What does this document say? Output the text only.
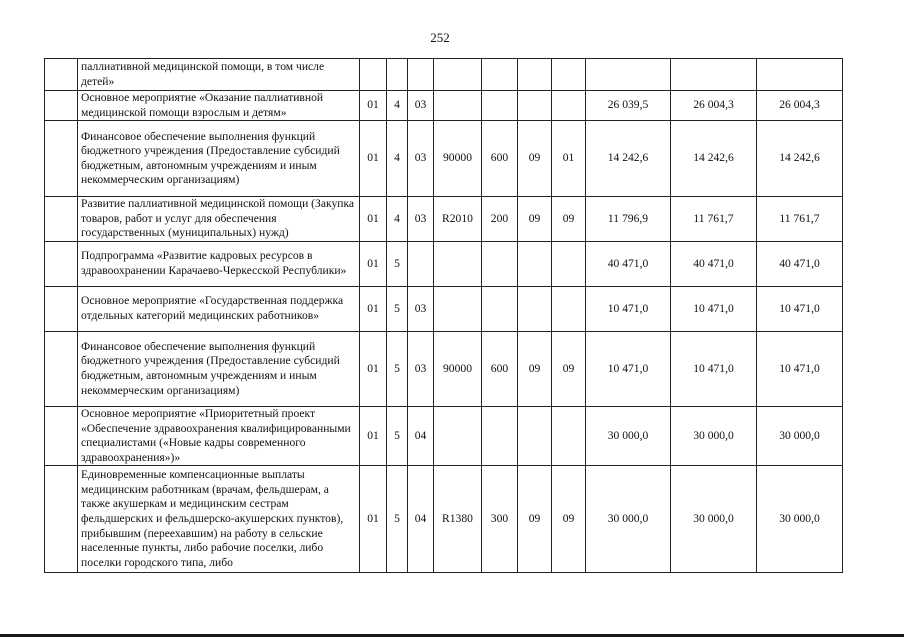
252
	паллиативной медицинской помощи, в том числе детей»										
	Основное мероприятие «Оказание паллиативной медицинской помощи взрослым и детям»	01	4	03					26 039,5	26 004,3	26 004,3
	Финансовое обеспечение выполнения функций бюджетного учреждения (Предоставление субсидий бюджетным, автономным учреждениям и иным некоммерческим организациям)	01	4	03	90000	600	09	01	14 242,6	14 242,6	14 242,6
	Развитие паллиативной медицинской помощи (Закупка товаров, работ и услуг для обеспечения государственных (муниципальных) нужд)	01	4	03	R2010	200	09	09	11 796,9	11 761,7	11 761,7
	Подпрограмма «Развитие кадровых ресурсов в здравоохранении Карачаево-Черкесской Республики»	01	5						40 471,0	40 471,0	40 471,0
	Основное мероприятие «Государственная поддержка отдельных категорий медицинских работников»	01	5	03					10 471,0	10 471,0	10 471,0
	Финансовое обеспечение выполнения функций бюджетного учреждения (Предоставление субсидий бюджетным, автономным учреждениям и иным некоммерческим организациям)	01	5	03	90000	600	09	09	10 471,0	10 471,0	10 471,0
	Основное мероприятие «Приоритетный проект «Обеспечение здравоохранения квалифицированными специалистами («Новые кадры современного здравоохранения»)»	01	5	04					30 000,0	30 000,0	30 000,0
	Единовременные компенсационные выплаты медицинским работникам (врачам, фельдшерам, а также акушеркам и медицинским сестрам фельдшерских и фельдшерско-акушерских пунктов), прибывшим (переехавшим) на работу в сельские населенные пункты, либо рабочие поселки, либо поселки городского типа, либо	01	5	04	R1380	300	09	09	30 000,0	30 000,0	30 000,0
